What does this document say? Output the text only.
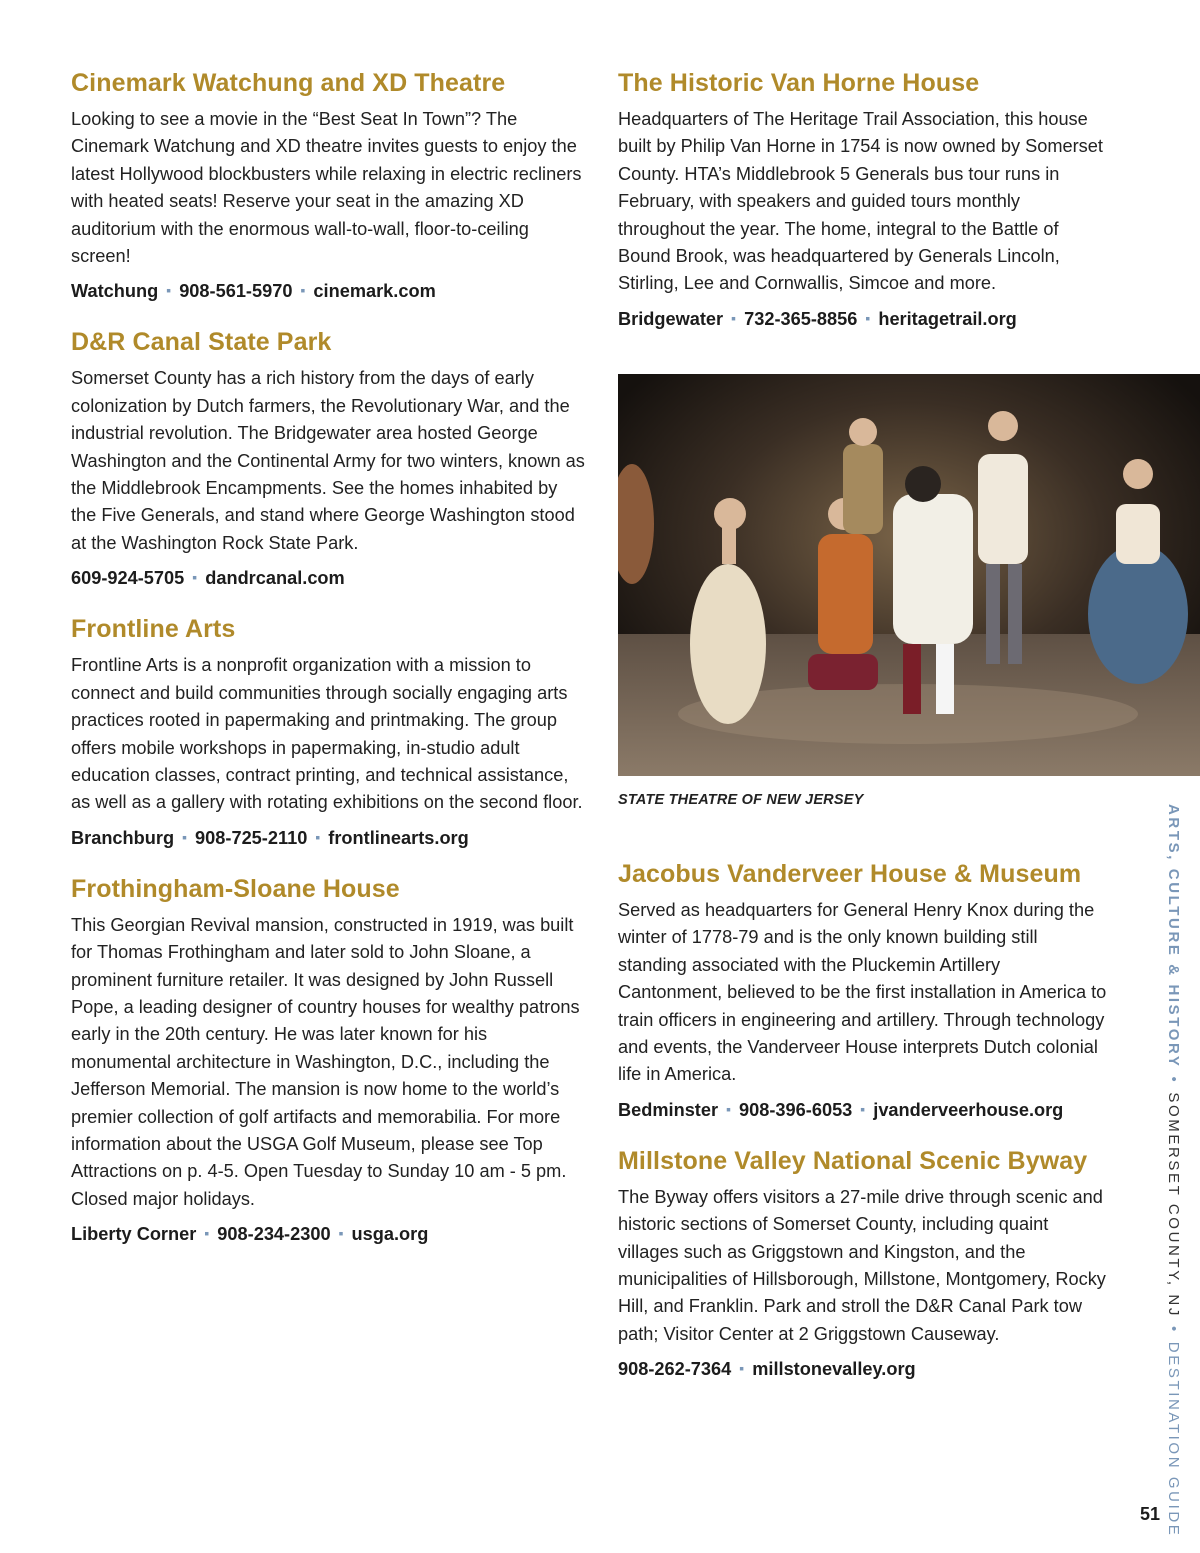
Cinemark Watchung and XD Theatre

Looking to see a movie in the “Best Seat In Town”? The Cinemark Watchung and XD theatre invites guests to enjoy the latest Hollywood blockbusters while relaxing in electric recliners with heated seats! Reserve your seat in the amazing XD auditorium with the enormous wall-to-wall, floor-to-ceiling screen!

Watchung ▪ 908-561-5970 ▪ cinemark.com
D&R Canal State Park

Somerset County has a rich history from the days of early colonization by Dutch farmers, the Revolutionary War, and the industrial revolution. The Bridgewater area hosted George Washington and the Continental Army for two winters, known as the Middlebrook Encampments. See the homes inhabited by the Five Generals, and stand where George Washington stood at the Washington Rock State Park.

609-924-5705 ▪ dandrcanal.com
Frontline Arts

Frontline Arts is a nonprofit organization with a mission to connect and build communities through socially engaging arts practices rooted in papermaking and printmaking. The group offers mobile workshops in papermaking, in-studio adult education classes, contract printing, and technical assistance, as well as a gallery with rotating exhibitions on the second floor.

Branchburg ▪ 908-725-2110 ▪ frontlinearts.org
Frothingham-Sloane House

This Georgian Revival mansion, constructed in 1919, was built for Thomas Frothingham and later sold to John Sloane, a prominent furniture retailer. It was designed by John Russell Pope, a leading designer of country houses for wealthy patrons early in the 20th century. He was later known for his monumental architecture in Washington, D.C., including the Jefferson Memorial. The mansion is now home to the world’s premier collection of golf artifacts and memorabilia. For more information about the USGA Golf Museum, please see Top Attractions on p. 4-5. Open Tuesday to Sunday 10 am - 5 pm. Closed major holidays.

Liberty Corner ▪ 908-234-2300 ▪ usga.org
The Historic Van Horne House

Headquarters of The Heritage Trail Association, this house built by Philip Van Horne in 1754 is now owned by Somerset County. HTA’s Middlebrook 5 Generals bus tour runs in February, with speakers and guided tours monthly throughout the year. The home, integral to the Battle of Bound Brook, was headquartered by Generals Lincoln, Stirling, Lee and Cornwallis, Simcoe and more.

Bridgewater ▪ 732-365-8856 ▪ heritagetrail.org
STATE THEATRE OF NEW JERSEY
Jacobus Vanderveer House & Museum

Served as headquarters for General Henry Knox during the winter of 1778-79 and is the only known building still standing associated with the Pluckemin Artillery Cantonment, believed to be the first installation in America to train officers in engineering and artillery. Through technology and events, the Vanderveer House interprets Dutch colonial life in America.

Bedminster ▪ 908-396-6053 ▪ jvanderveerhouse.org
Millstone Valley National Scenic Byway

The Byway offers visitors a 27-mile drive through scenic and historic sections of Somerset County, including quaint villages such as Griggstown and Kingston, and the municipalities of Hillsborough, Millstone, Montgomery, Rocky Hill, and Franklin. Park and stroll the D&R Canal Park tow path; Visitor Center at 2 Griggstown Causeway.

908-262-7364 ▪ millstonevalley.org
ARTS, CULTURE & HISTORY•SOMERSET COUNTY, NJ•DESTINATION GUIDE
51
